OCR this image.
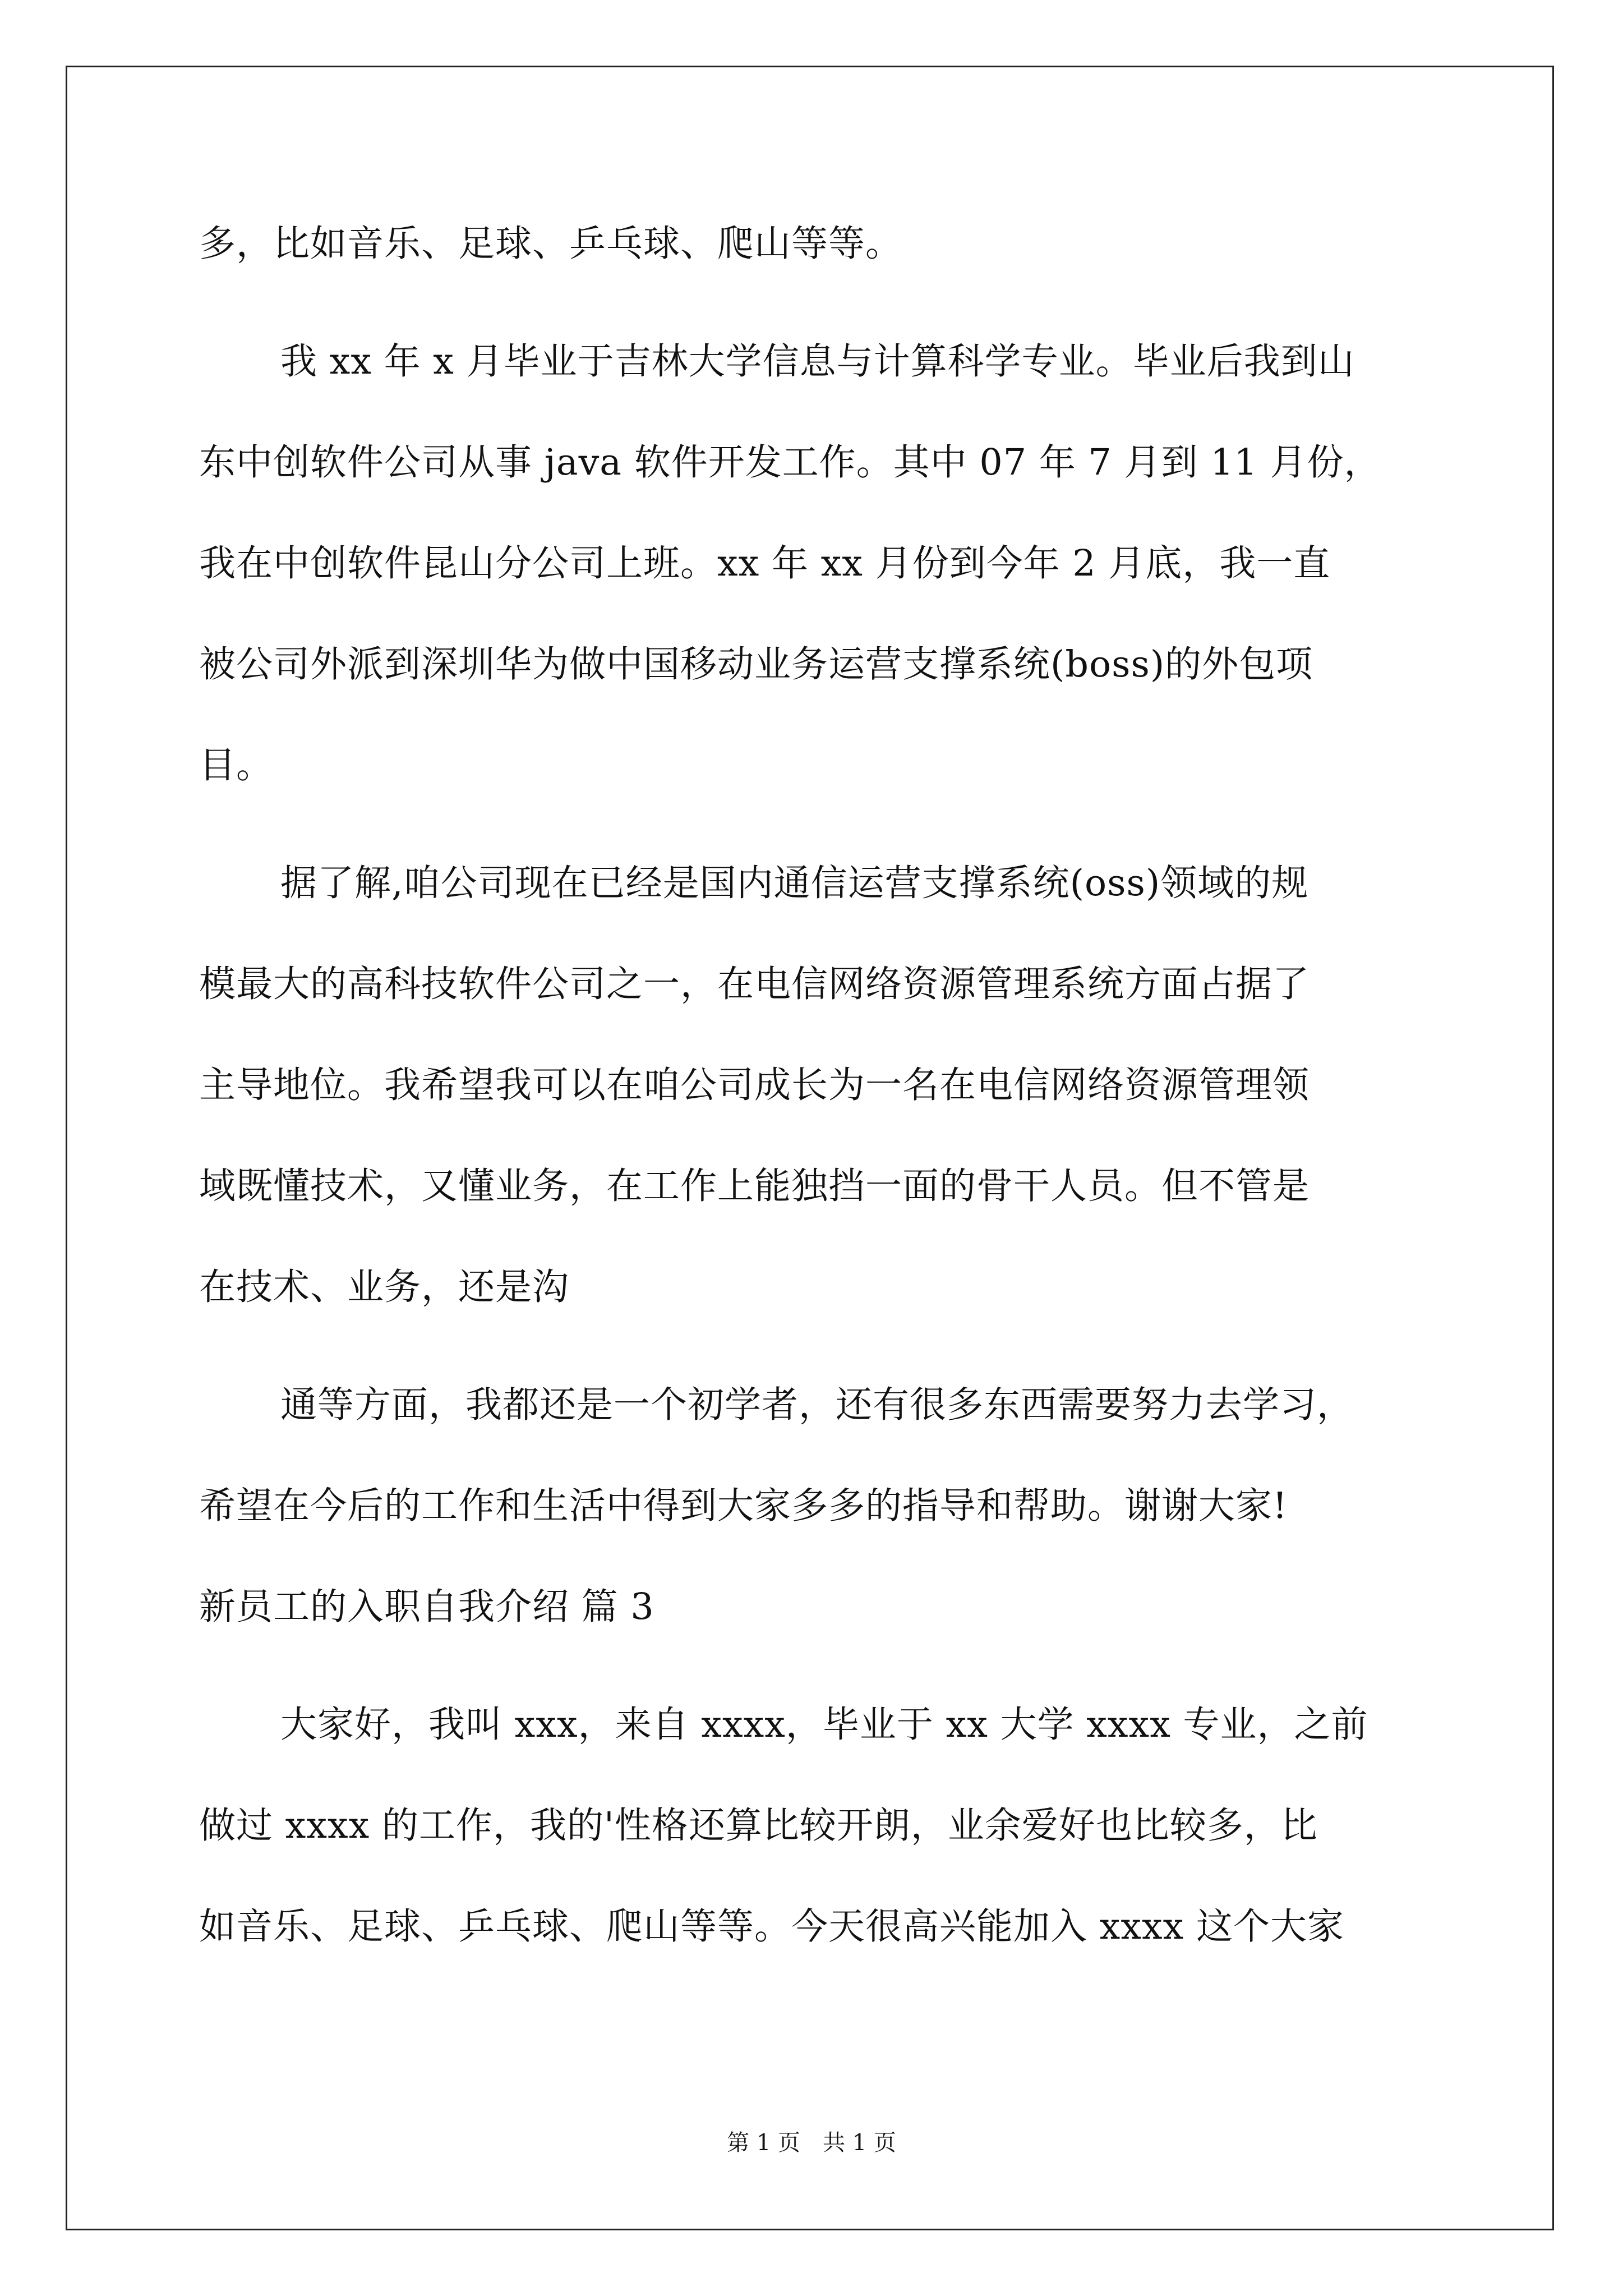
多，比如音乐、足球、乒乓球、爬山等等。
我 xx 年 x 月毕业于吉林大学信息与计算科学专业。毕业后我到山
东中创软件公司从事 java 软件开发工作。其中 07 年 7 月到 11 月份，
我在中创软件昆山分公司上班。xx 年 xx 月份到今年 2 月底，我一直
被公司外派到深圳华为做中国移动业务运营支撑系统(boss)的外包项
目。
据了解,咱公司现在已经是国内通信运营支撑系统(oss)领域的规
模最大的高科技软件公司之一，在电信网络资源管理系统方面占据了
主导地位。我希望我可以在咱公司成长为一名在电信网络资源管理领
域既懂技术，又懂业务，在工作上能独挡一面的骨干人员。但不管是
在技术、业务，还是沟
通等方面，我都还是一个初学者，还有很多东西需要努力去学习，
希望在今后的工作和生活中得到大家多多的指导和帮助。谢谢大家!
新员工的入职自我介绍 篇 3
大家好，我叫 xxx，来自 xxxx，毕业于 xx 大学 xxxx 专业，之前
做过 xxxx 的工作，我的'性格还算比较开朗，业余爱好也比较多，比
如音乐、足球、乒乓球、爬山等等。今天很高兴能加入 xxxx 这个大家
第 1 页　共 1 页
